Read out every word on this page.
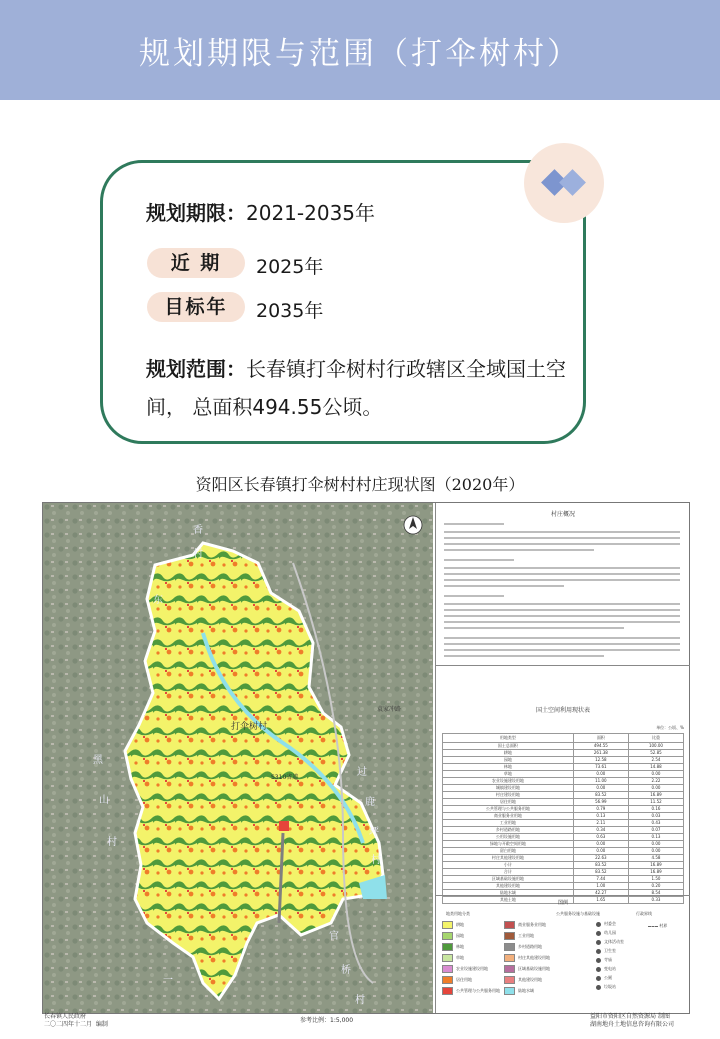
规划期限与范围（打伞树村）
规划期限：2021-2035年
近 期	2025年
目标年	2035年
规划范围：长春镇打伞树村行政辖区全域国土空间， 总面积494.55公顷。
资阳区长春镇打伞树村村庄现状图（2020年）
打伞树村
袁家冲路
S310省道
东
香
村
黑
山
村
过
鹿
坪
村
官
桥
村
一
村庄概况
国土空间利用现状表
单位：公顷、%
用地类型	面积	比重
国土总面积	494.55	100.00
耕地	261.38	52.85
园地	12.58	2.54
林地	73.61	14.88
草地	0.00	0.00
农业设施建设用地	11.00	2.22
城镇建设用地	0.00	0.00
村庄建设用地	83.52	16.89
居住用地	56.99	11.52
公共管理与公共服务用地	0.79	0.16
商业服务业用地	0.13	0.03
工业用地	2.11	0.43
乡村道路用地	0.34	0.07
公用设施用地	0.63	0.13
绿地与开敞空间用地	0.00	0.00
留白用地	0.00	0.00
村庄其他建设用地	22.63	4.58
小计	83.52	16.89
合计	83.52	16.89
区域基础设施用地	7.44	1.50
其他建设用地	1.00	0.20
陆地水域	42.27	8.54
其他土地	1.65	0.33
图例
地类用地分类	公共服务设施与基础设施	行政界线
耕地
园地
林地
草地
农业设施建设用地
居住用地
公共管理与公共服务用地
商业服务业用地
工业用地
乡村道路用地
村庄其他建设用地
区域基础设施用地
其他建设用地
陆地水域
村委会
幼儿园
文体活动室
卫生室
寺庙
变电站
公厕
垃圾站
村界
长春镇人民政府
二〇二四年十二月 编制
参考比例：1:5,000
益阳市资阳区自然资源局 制图
湖南地舟土地信息咨询有限公司
